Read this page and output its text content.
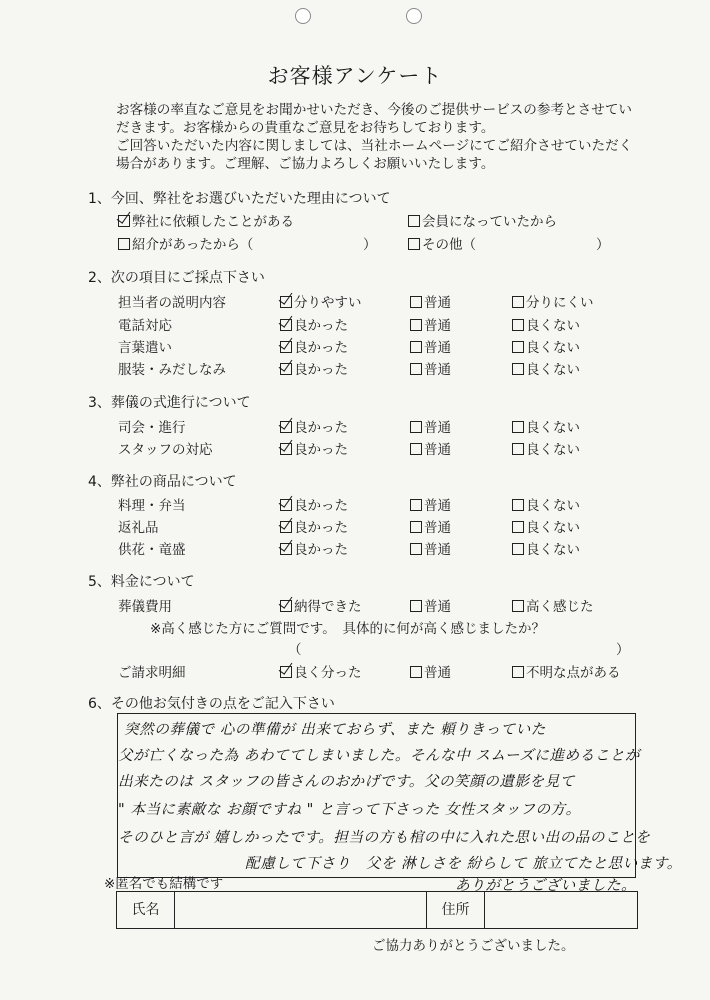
お客様アンケート
お客様の率直なご意見をお聞かせいただき、今後のご提供サービスの参考とさせてい
だきます。お客様からの貴重なご意見をお待ちしております。
ご回答いただいた内容に関しましては、当社ホームページにてご紹介させていただく
場合があります。ご理解、ご協力よろしくお願いいたします。
1、今回、弊社をお選びいただいた理由について
弊社に依頼したことがある	会員になっていたから
紹介があったから（	）	その他（	）
2、次の項目にご採点下さい
担当者の説明内容	分りやすい	普通	分りにくい
電話対応	良かった	普通	良くない
言葉遣い	良かった	普通	良くない
服装・みだしなみ	良かった	普通	良くない
3、葬儀の式進行について
司会・進行	良かった	普通	良くない
スタッフの対応	良かった	普通	良くない
4、弊社の商品について
料理・弁当	良かった	普通	良くない
返礼品	良かった	普通	良くない
供花・竜盛	良かった	普通	良くない
5、料金について
葬儀費用	納得できた	普通	高く感じた
※高く感じた方にご質問です。　具体的に何が高く感じましたか？
（	）
ご請求明細	良く分った	普通	不明な点がある
6、その他お気付きの点をご記入下さい
突然の葬儀で 心の準備が 出来ておらず、また 頼りきっていた
父が亡くなった為 あわててしまいました。そんな中 スムーズに進めることが
出来たのは スタッフの皆さんのおかげです。父の笑顔の遺影を見て
" 本当に素敵な お顔ですね " と言って下さった 女性スタッフの方。
そのひと言が 嬉しかったです。担当の方も棺の中に入れた思い出の品のことを
配慮して下さり　父を 淋しさを 紛らして 旅立てたと思います。
ありがとうございました。
※匿名でも結構です
氏名	住所
ご協力ありがとうございました。
